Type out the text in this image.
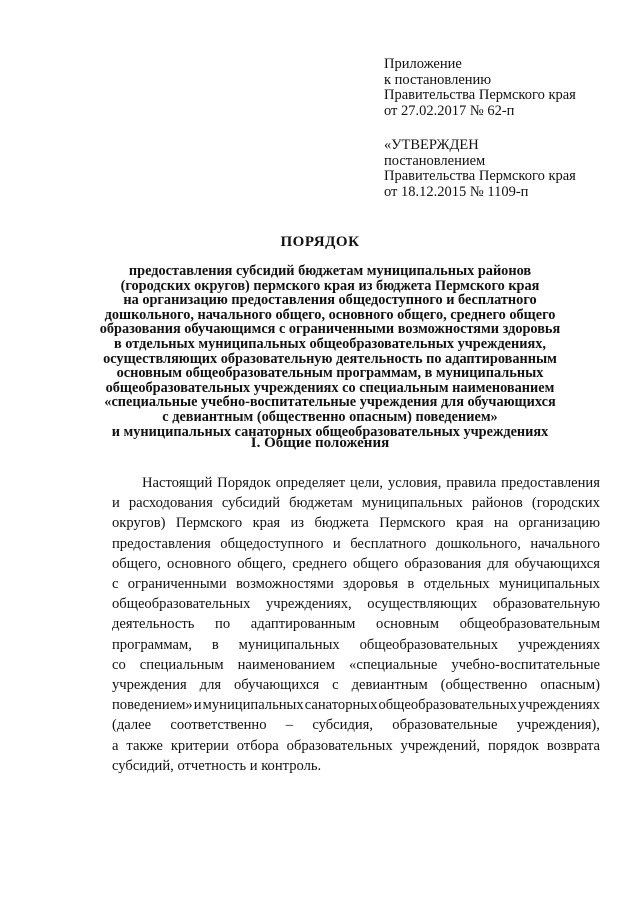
Приложение
к постановлению
Правительства Пермского края
от 27.02.2017 № 62-п
«УТВЕРЖДЕН
постановлением
Правительства Пермского края
от 18.12.2015 № 1109-п
ПОРЯДОК
предоставления субсидий бюджетам муниципальных районов
(городских округов) пермского края из бюджета Пермского края
на организацию предоставления общедоступного и бесплатного
дошкольного, начального общего, основного общего, среднего общего
образования обучающимся с ограниченными возможностями здоровья
в отдельных муниципальных общеобразовательных учреждениях,
осуществляющих образовательную деятельность по адаптированным
основным общеобразовательным программам, в муниципальных
общеобразовательных учреждениях со специальным наименованием
«специальные учебно-воспитательные учреждения для обучающихся
с девиантным (общественно опасным) поведением»
и муниципальных санаторных общеобразовательных учреждениях
I. Общие положения
Настоящий Порядок определяет цели, условия, правила предоставления
и расходования субсидий бюджетам муниципальных районов (городских
округов) Пермского края из бюджета Пермского края на организацию
предоставления общедоступного и бесплатного дошкольного, начального
общего, основного общего, среднего общего образования для обучающихся
с ограниченными возможностями здоровья в отдельных муниципальных
общеобразовательных учреждениях, осуществляющих образовательную
деятельность по адаптированным основным общеобразовательным
программам, в муниципальных общеобразовательных учреждениях
со специальным наименованием «специальные учебно-воспитательные
учреждения для обучающихся с девиантным (общественно опасным)
поведением» и муниципальных санаторных общеобразовательных учреждениях
(далее соответственно – субсидия, образовательные учреждения),
а также критерии отбора образовательных учреждений, порядок возврата
субсидий, отчетность и контроль.
